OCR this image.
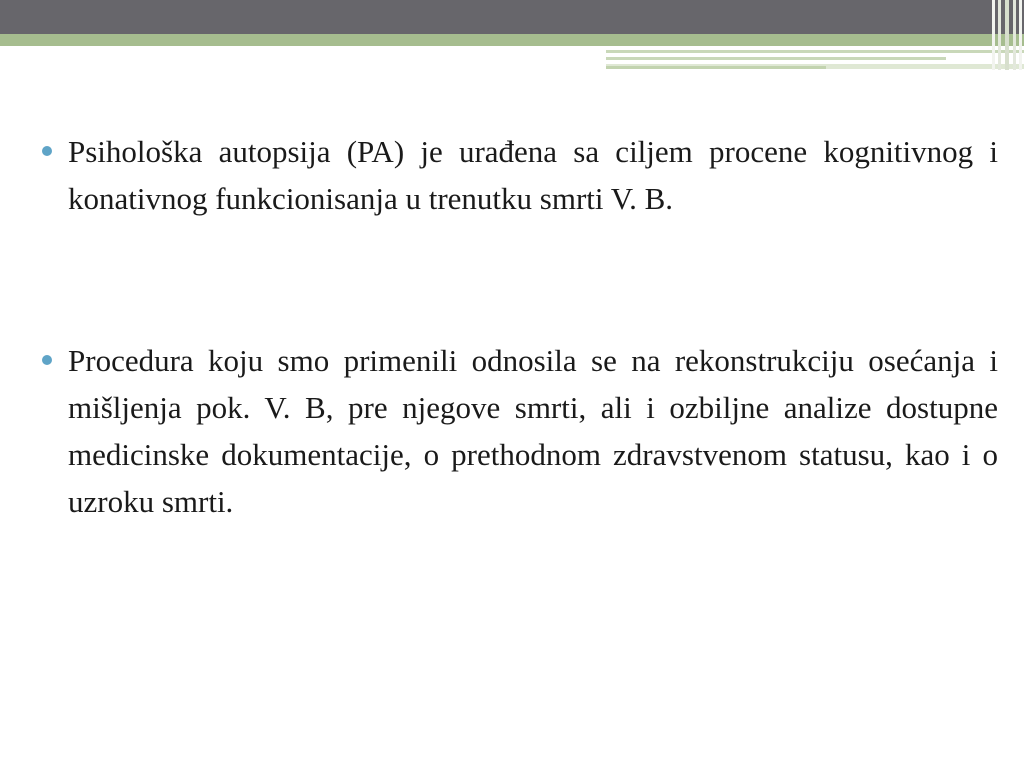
Psihološka autopsija (PA) je urađena sa ciljem procene kognitivnog i konativnog funkcionisanja u trenutku smrti V. B.
Procedura koju smo primenili odnosila se na rekonstrukciju osećanja i mišljenja pok. V. B, pre njegove smrti, ali i ozbiljne analize dostupne medicinske dokumentacije, o prethodnom zdravstvenom statusu, kao i o uzroku smrti.
